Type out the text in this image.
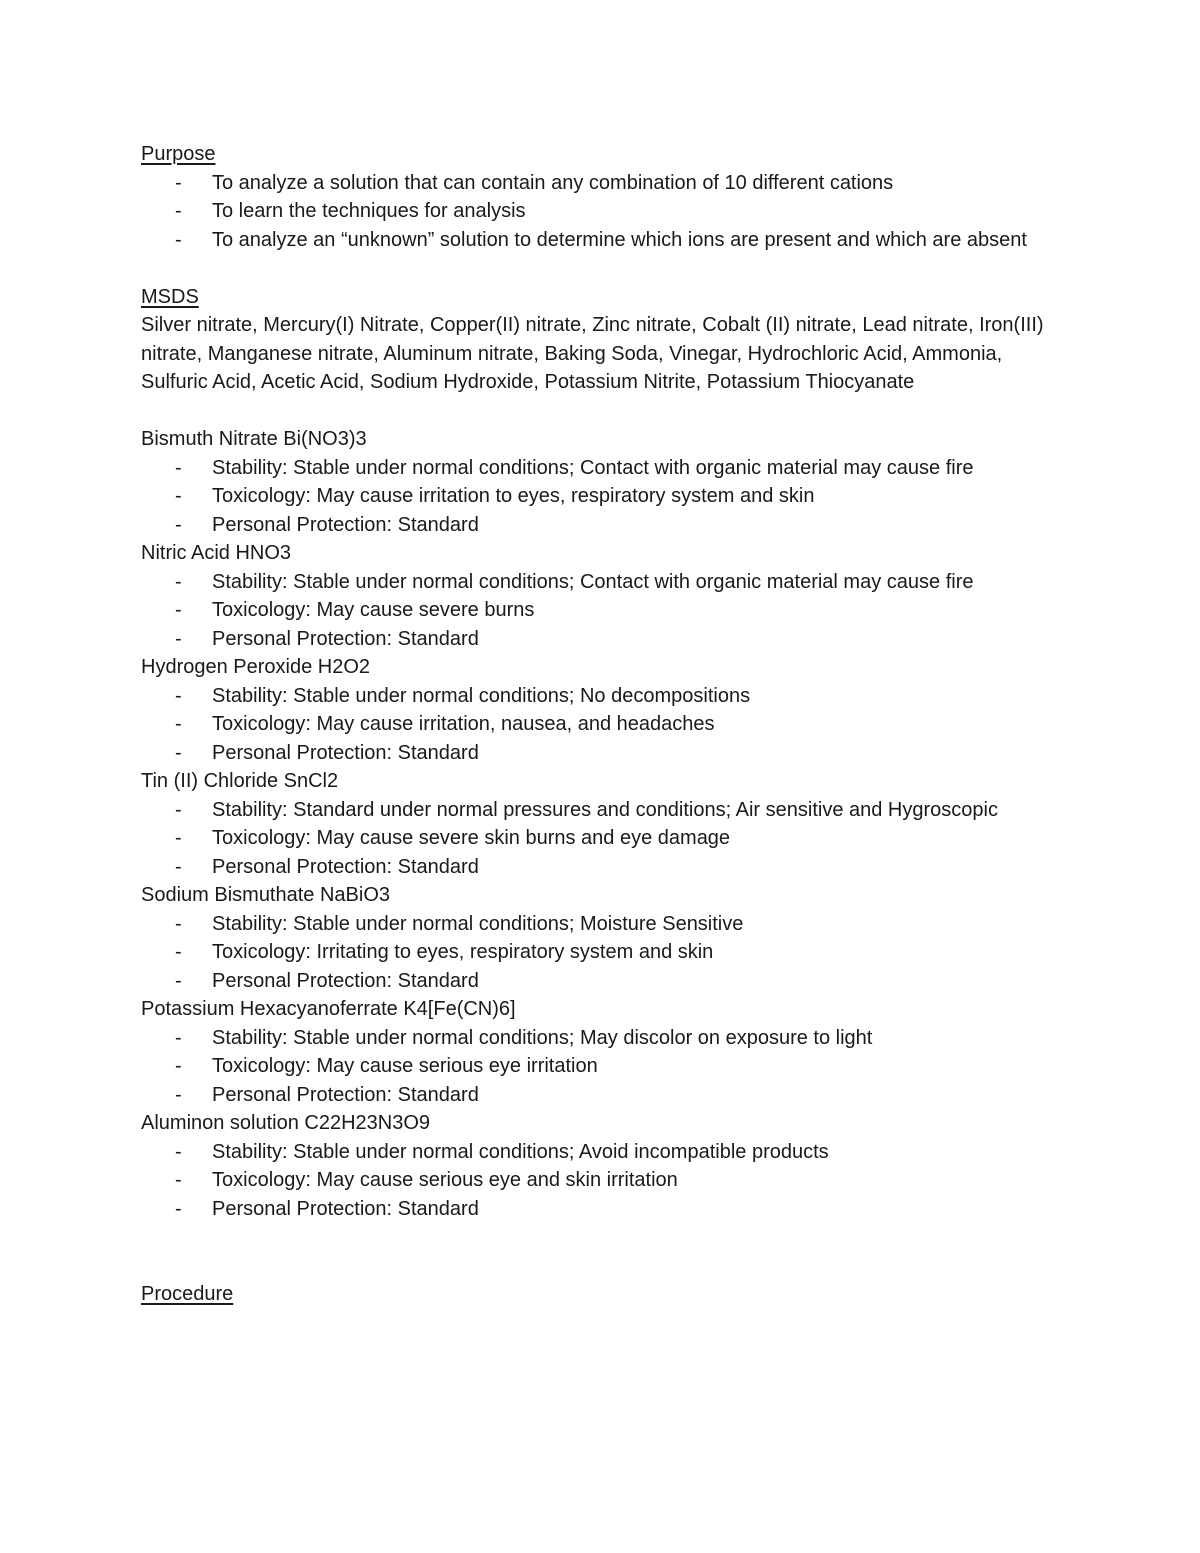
Purpose
- To analyze a solution that can contain any combination of 10 different cations
- To learn the techniques for analysis
- To analyze an “unknown” solution to determine which ions are present and which are absent
MSDS

Silver nitrate, Mercury(I) Nitrate, Copper(II) nitrate, Zinc nitrate, Cobalt (II) nitrate, Lead nitrate, Iron(III) nitrate, Manganese nitrate, Aluminum nitrate, Baking Soda, Vinegar, Hydrochloric Acid, Ammonia, Sulfuric Acid, Acetic Acid, Sodium Hydroxide, Potassium Nitrite, Potassium Thiocyanate

Bismuth Nitrate Bi(NO3)3
- Stability: Stable under normal conditions; Contact with organic material may cause fire
- Toxicology: May cause irritation to eyes, respiratory system and skin
- Personal Protection: Standard
Nitric Acid HNO3
- Stability: Stable under normal conditions; Contact with organic material may cause fire
- Toxicology: May cause severe burns
- Personal Protection: Standard
Hydrogen Peroxide H2O2
- Stability: Stable under normal conditions; No decompositions
- Toxicology: May cause irritation, nausea, and headaches
- Personal Protection: Standard
Tin (II) Chloride SnCl2
- Stability: Standard under normal pressures and conditions; Air sensitive and Hygroscopic
- Toxicology: May cause severe skin burns and eye damage
- Personal Protection: Standard
Sodium Bismuthate NaBiO3
- Stability: Stable under normal conditions; Moisture Sensitive
- Toxicology: Irritating to eyes, respiratory system and skin
- Personal Protection: Standard
Potassium Hexacyanoferrate K4[Fe(CN)6]
- Stability: Stable under normal conditions; May discolor on exposure to light
- Toxicology: May cause serious eye irritation
- Personal Protection: Standard
Aluminon solution C22H23N3O9
- Stability: Stable under normal conditions; Avoid incompatible products
- Toxicology: May cause serious eye and skin irritation
- Personal Protection: Standard
Procedure
